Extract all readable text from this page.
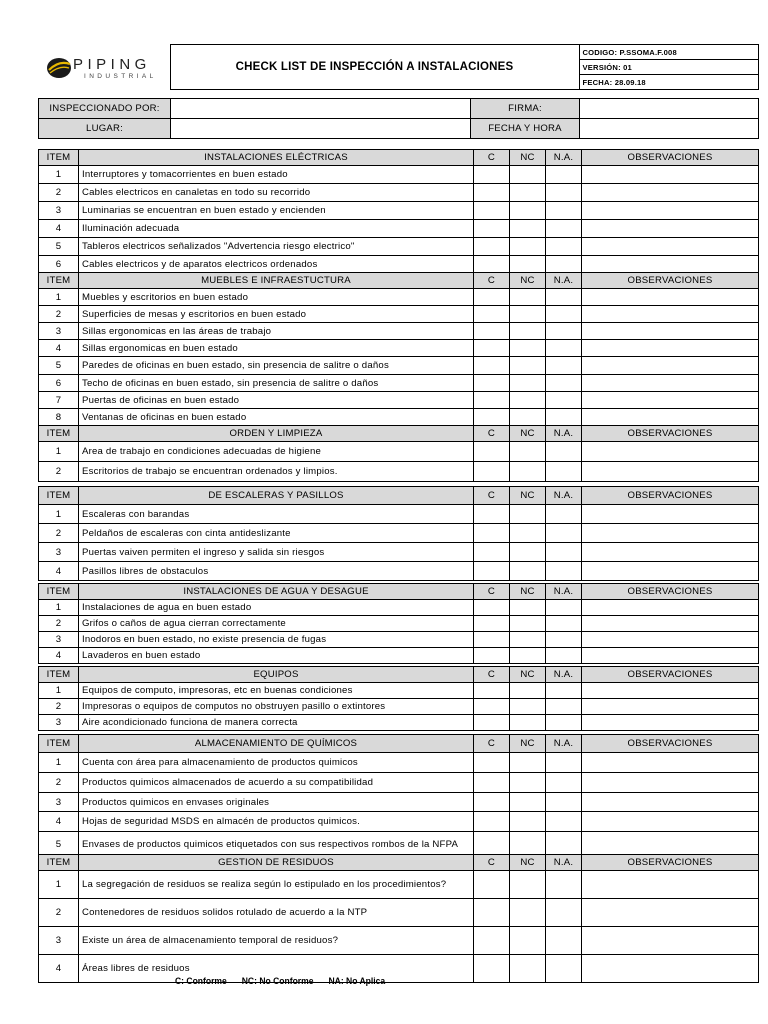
	CHECK LIST DE INSPECCIÓN A INSTALACIONES	CODIGO: P.SSOMA.F.008
VERSIÓN: 01
FECHA: 28.09.18
PIPING
INDUSTRIAL
INSPECCIONADO POR:		FIRMA:	
LUGAR:		FECHA Y HORA	
ITEM	INSTALACIONES ELÉCTRICAS	C	NC	N.A.	OBSERVACIONES
1	Interruptores y tomacorrientes en buen estado				
2	Cables electricos en canaletas en todo su recorrido				
3	Luminarias se encuentran en buen estado y encienden				
4	Iluminación adecuada				
5	Tableros electricos señalizados "Advertencia riesgo electrico"				
6	Cables electricos y de aparatos electricos ordenados				
ITEM	MUEBLES E INFRAESTUCTURA	C	NC	N.A.	OBSERVACIONES
1	Muebles y escritorios en buen estado				
2	Superficies de mesas y escritorios en buen estado				
3	Sillas ergonomicas en las áreas de trabajo				
4	Sillas ergonomicas en buen estado				
5	Paredes de oficinas en buen estado, sin presencia de salitre o daños				
6	Techo de oficinas en buen estado, sin presencia de salitre o daños				
7	Puertas de oficinas en buen estado				
8	Ventanas de oficinas en buen estado				
ITEM	ORDEN Y LIMPIEZA	C	NC	N.A.	OBSERVACIONES
1	Area de trabajo en condiciones adecuadas de higiene				
2	Escritorios de trabajo se encuentran ordenados y limpios.				
ITEM	DE ESCALERAS Y PASILLOS	C	NC	N.A.	OBSERVACIONES
1	Escaleras con barandas				
2	Peldaños de escaleras con cinta antideslizante				
3	Puertas vaiven permiten el ingreso y salida sin riesgos				
4	Pasillos libres de obstaculos				
ITEM	INSTALACIONES DE AGUA Y DESAGUE	C	NC	N.A.	OBSERVACIONES
1	Instalaciones de agua en buen estado				
2	Grifos o caños de agua cierran correctamente				
3	Inodoros en buen estado, no existe presencia de fugas				
4	Lavaderos en buen estado				
ITEM	EQUIPOS	C	NC	N.A.	OBSERVACIONES
1	Equipos de computo, impresoras, etc en buenas condiciones				
2	Impresoras o equipos de computos no obstruyen pasillo o extintores				
3	Aire acondicionado funciona de manera correcta				
ITEM	ALMACENAMIENTO DE QUÍMICOS	C	NC	N.A.	OBSERVACIONES
1	Cuenta con área para almacenamiento de productos quimicos				
2	Productos quimicos almacenados de acuerdo a su compatibilidad				
3	Productos quimicos en envases originales				
4	Hojas de seguridad MSDS en almacén de productos quimicos.				
5	Envases de productos quimicos etiquetados con sus respectivos rombos de la NFPA				
ITEM	GESTION DE RESIDUOS	C	NC	N.A.	OBSERVACIONES
1	La segregación de residuos se realiza según lo estipulado en los procedimientos?				
2	Contenedores de residuos solidos rotulado de acuerdo a la NTP				
3	Existe un área de almacenamiento temporal de residuos?				
4	Áreas libres de residuos				
C: Conforme NC: No Conforme NA: No Aplica
